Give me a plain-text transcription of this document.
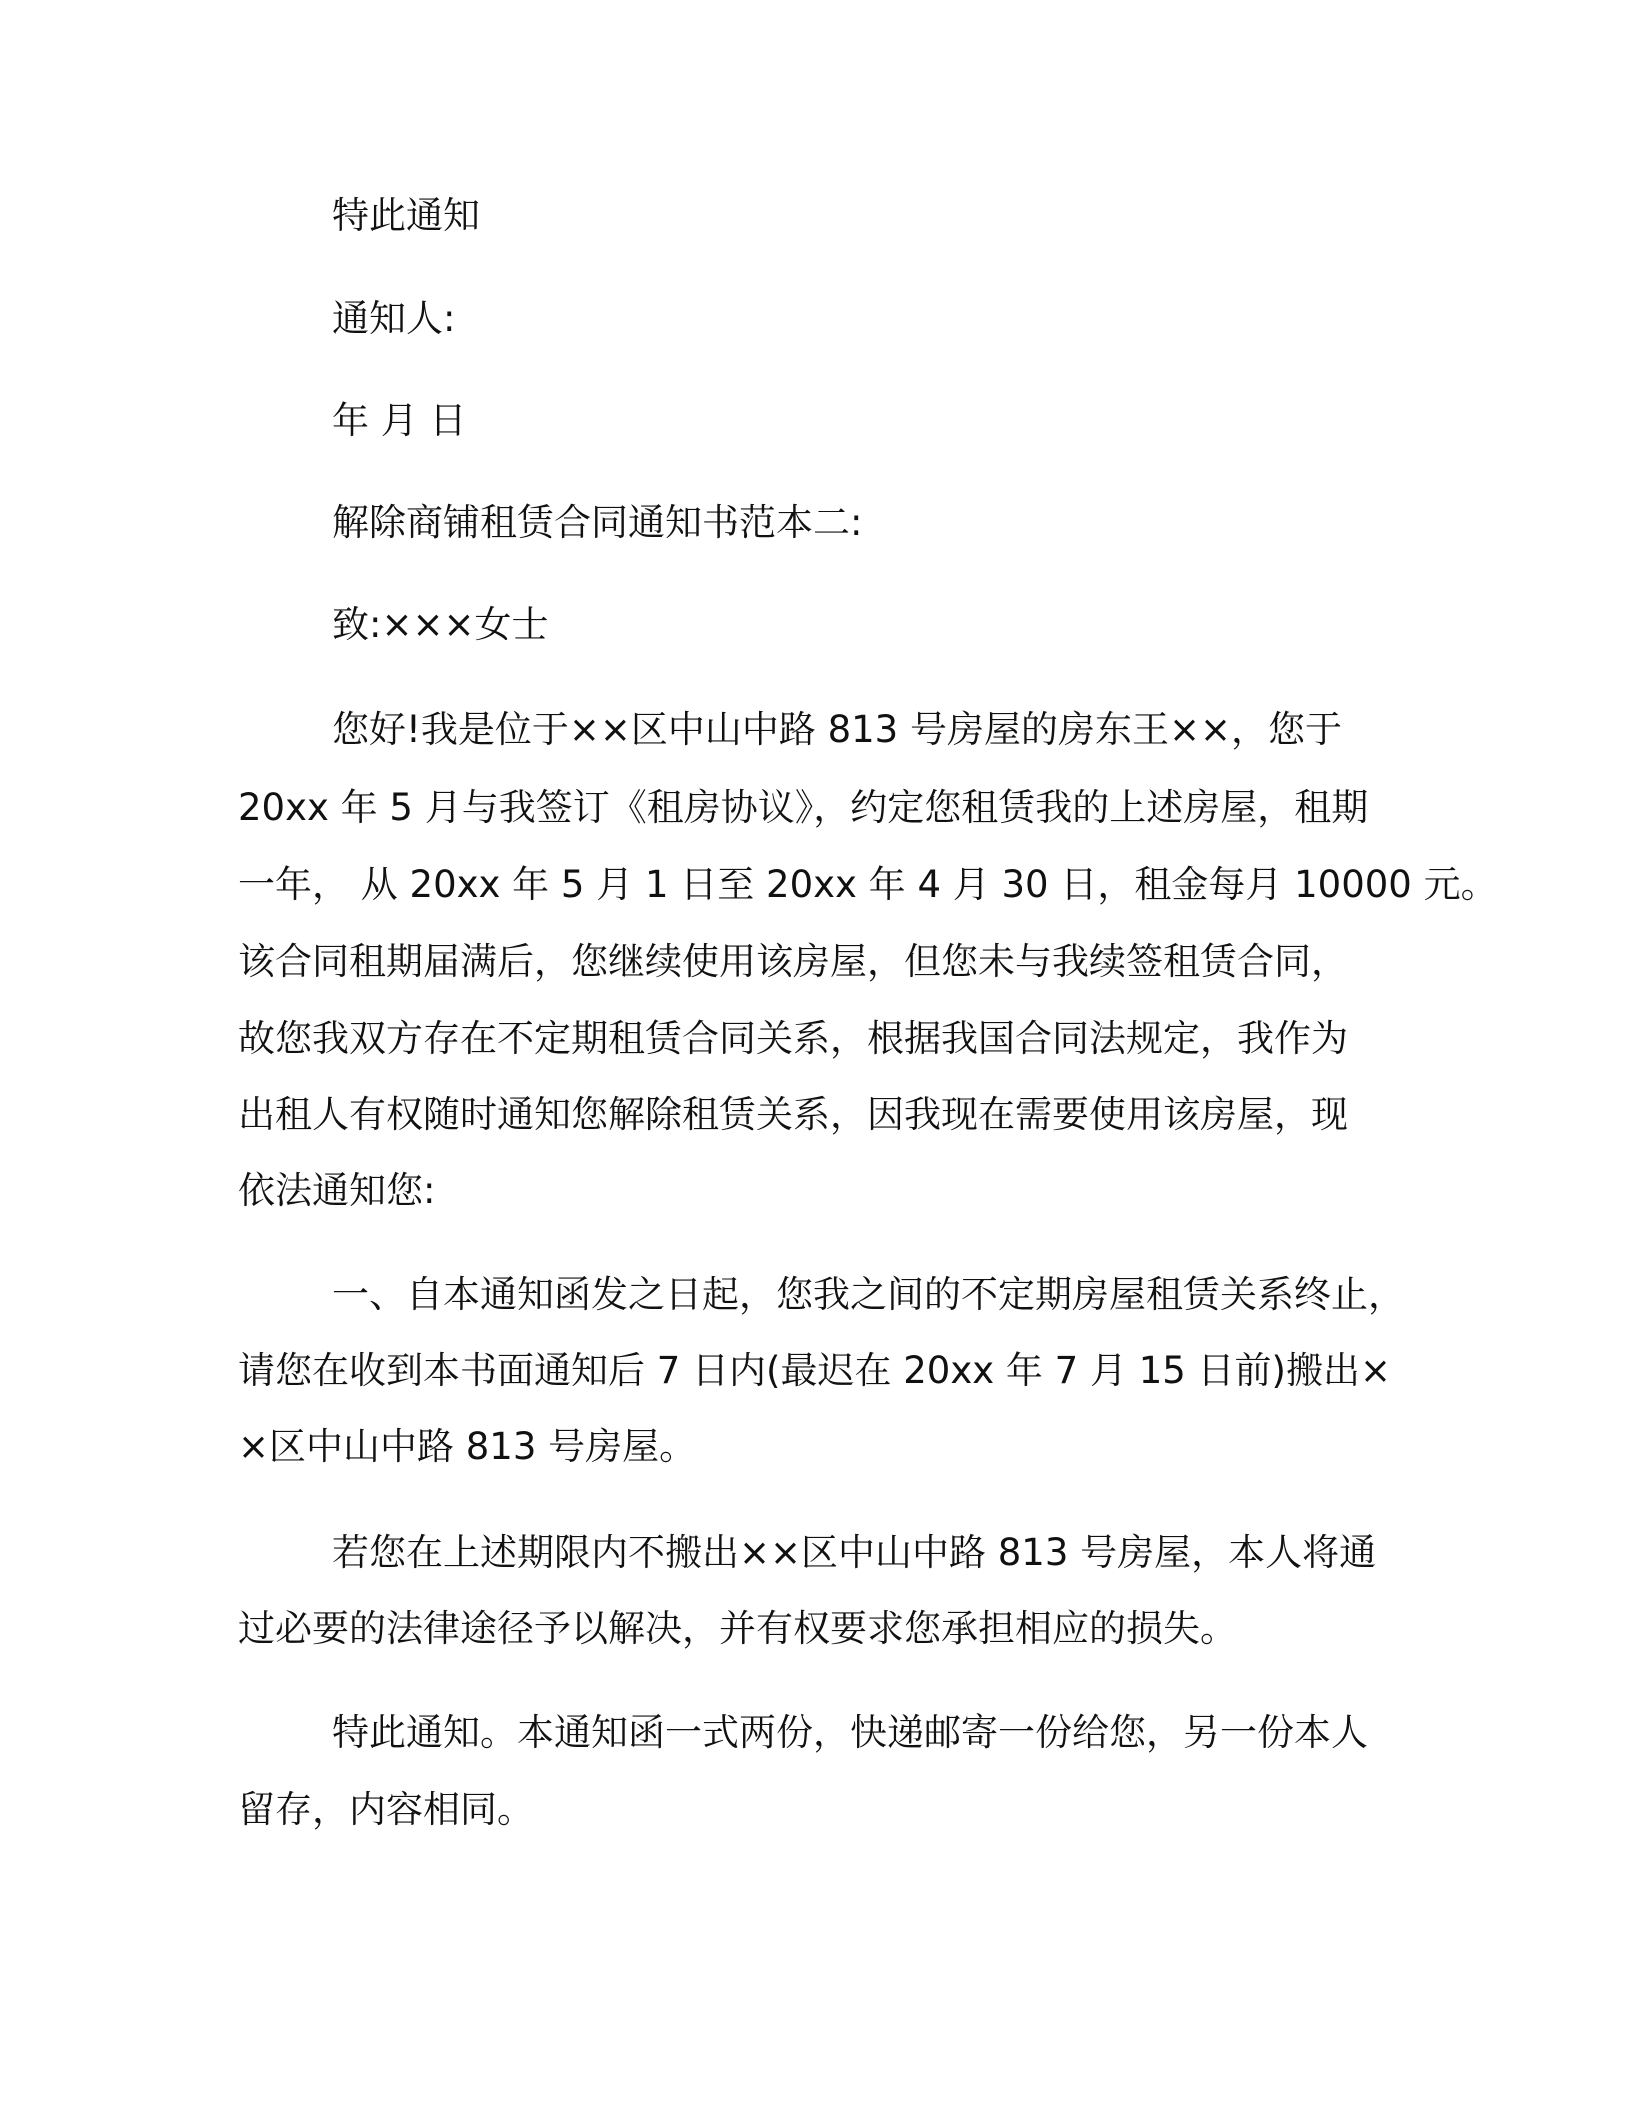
特此通知
通知人:
年 月 日
解除商铺租赁合同通知书范本二:
致:×××女士
您好!我是位于××区中山中路 813 号房屋的房东王××，您于
20xx 年 5 月与我签订《租房协议》，约定您租赁我的上述房屋，租期
一年， 从 20xx 年 5 月 1 日至 20xx 年 4 月 30 日，租金每月 10000 元。
该合同租期届满后，您继续使用该房屋，但您未与我续签租赁合同，
故您我双方存在不定期租赁合同关系，根据我国合同法规定，我作为
出租人有权随时通知您解除租赁关系，因我现在需要使用该房屋，现
依法通知您:
一、自本通知函发之日起，您我之间的不定期房屋租赁关系终止，
请您在收到本书面通知后 7 日内(最迟在 20xx 年 7 月 15 日前)搬出×
×区中山中路 813 号房屋。
若您在上述期限内不搬出××区中山中路 813 号房屋，本人将通
过必要的法律途径予以解决，并有权要求您承担相应的损失。
特此通知。本通知函一式两份，快递邮寄一份给您，另一份本人
留存，内容相同。
